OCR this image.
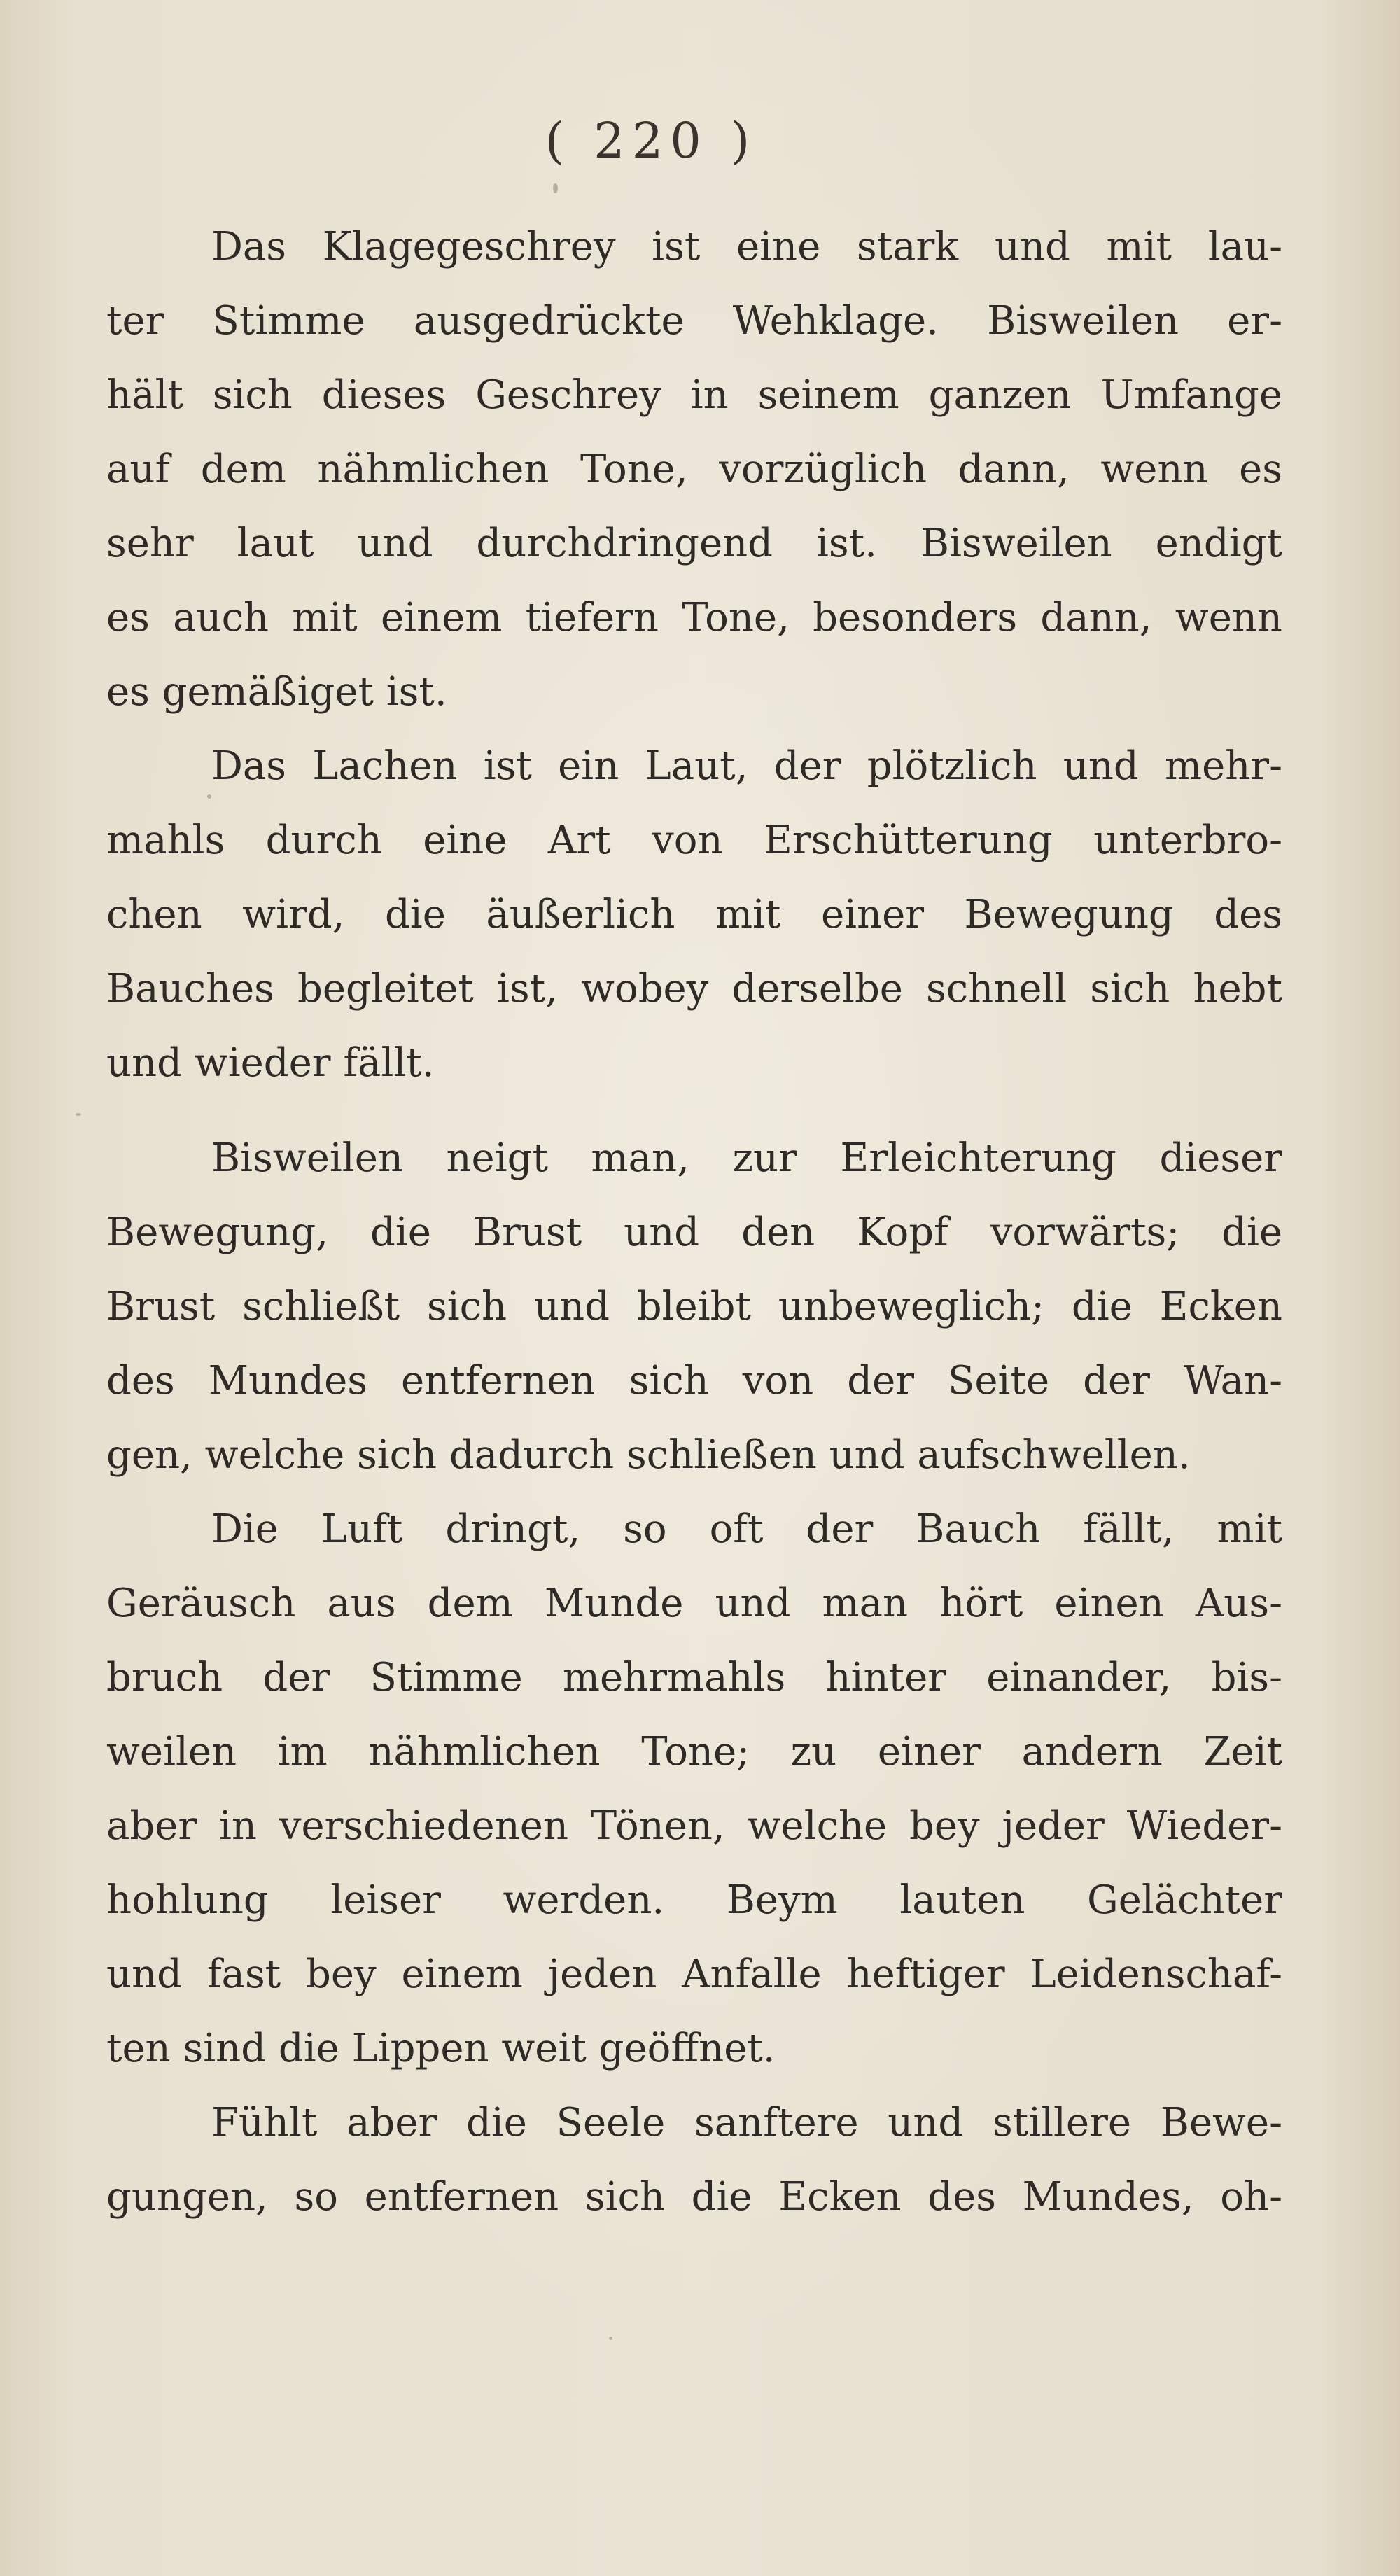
( 220 )
Das Klagegeschrey ist eine stark und mit lau-
ter Stimme ausgedrückte Wehklage. Bisweilen er-
hält sich dieses Geschrey in seinem ganzen Umfange
auf dem nähmlichen Tone, vorzüglich dann, wenn es
sehr laut und durchdringend ist. Bisweilen endigt
es auch mit einem tiefern Tone, besonders dann, wenn
es gemäßiget ist.
Das Lachen ist ein Laut, der plötzlich und mehr-
mahls durch eine Art von Erschütterung unterbro-
chen wird, die äußerlich mit einer Bewegung des
Bauches begleitet ist, wobey derselbe schnell sich hebt
und wieder fällt.
Bisweilen neigt man, zur Erleichterung dieser
Bewegung, die Brust und den Kopf vorwärts; die
Brust schließt sich und bleibt unbeweglich; die Ecken
des Mundes entfernen sich von der Seite der Wan-
gen, welche sich dadurch schließen und aufschwellen.
Die Luft dringt, so oft der Bauch fällt, mit
Geräusch aus dem Munde und man hört einen Aus-
bruch der Stimme mehrmahls hinter einander, bis-
weilen im nähmlichen Tone; zu einer andern Zeit
aber in verschiedenen Tönen, welche bey jeder Wieder-
hohlung leiser werden. Beym lauten Gelächter
und fast bey einem jeden Anfalle heftiger Leidenschaf-
ten sind die Lippen weit geöffnet.
Fühlt aber die Seele sanftere und stillere Bewe-
gungen, so entfernen sich die Ecken des Mundes, oh-
